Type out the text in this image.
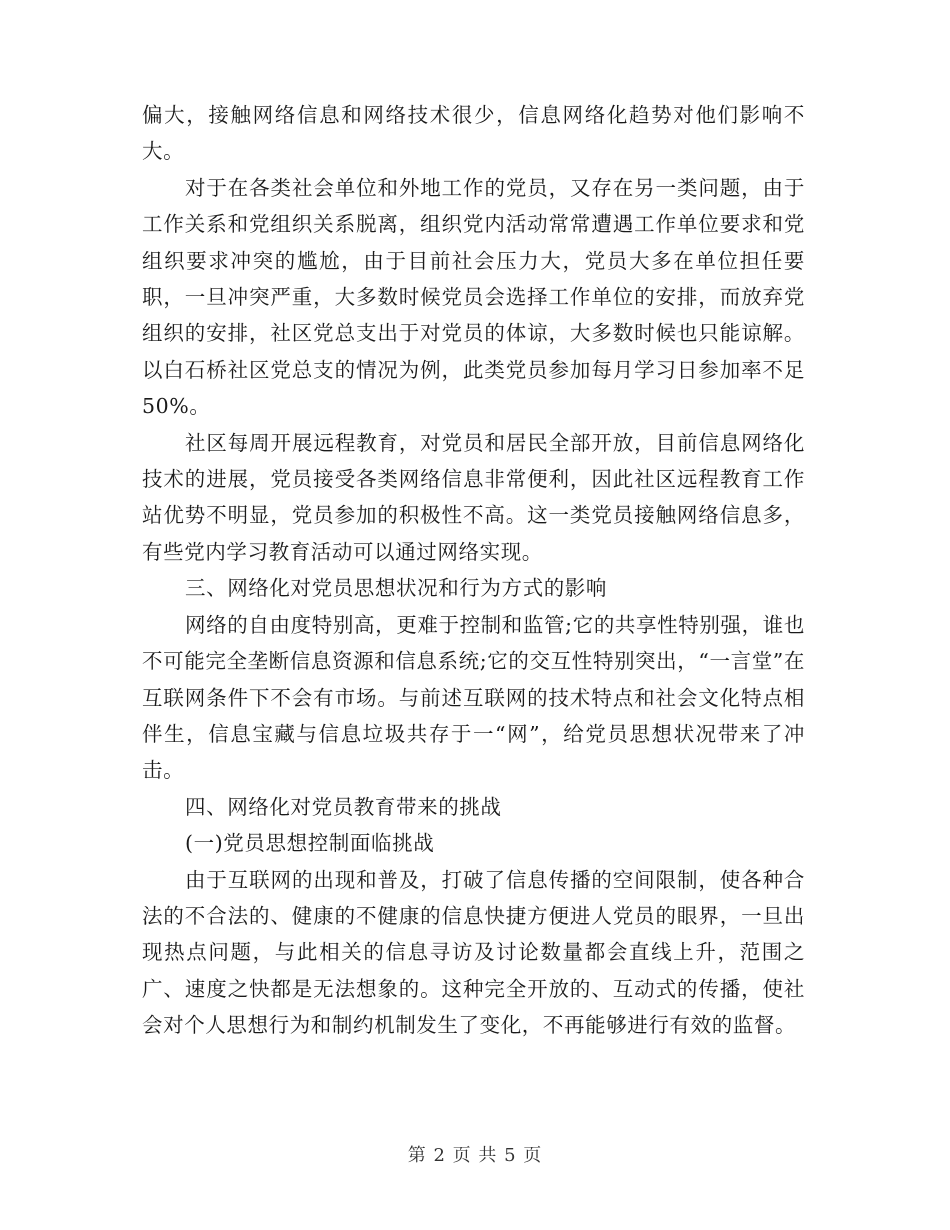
偏大，接触网络信息和网络技术很少，信息网络化趋势对他们影响不大。

对于在各类社会单位和外地工作的党员，又存在另一类问题，由于工作关系和党组织关系脱离，组织党内活动常常遭遇工作单位要求和党组织要求冲突的尴尬，由于目前社会压力大，党员大多在单位担任要职，一旦冲突严重，大多数时候党员会选择工作单位的安排，而放弃党组织的安排，社区党总支出于对党员的体谅，大多数时候也只能谅解。以白石桥社区党总支的情况为例，此类党员参加每月学习日参加率不足50%。

社区每周开展远程教育，对党员和居民全部开放，目前信息网络化技术的进展，党员接受各类网络信息非常便利，因此社区远程教育工作站优势不明显，党员参加的积极性不高。这一类党员接触网络信息多，有些党内学习教育活动可以通过网络实现。

三、网络化对党员思想状况和行为方式的影响

网络的自由度特别高，更难于控制和监管;它的共享性特别强，谁也不可能完全垄断信息资源和信息系统;它的交互性特别突出，“一言堂”在互联网条件下不会有市场。与前述互联网的技术特点和社会文化特点相伴生，信息宝藏与信息垃圾共存于一“网”，给党员思想状况带来了冲击。

四、网络化对党员教育带来的挑战

(一)党员思想控制面临挑战

由于互联网的出现和普及，打破了信息传播的空间限制，使各种合法的不合法的、健康的不健康的信息快捷方便进人党员的眼界，一旦出现热点问题，与此相关的信息寻访及讨论数量都会直线上升，范围之广、速度之快都是无法想象的。这种完全开放的、互动式的传播，使社会对个人思想行为和制约机制发生了变化，不再能够进行有效的监督。

第 2 页 共 5 页
